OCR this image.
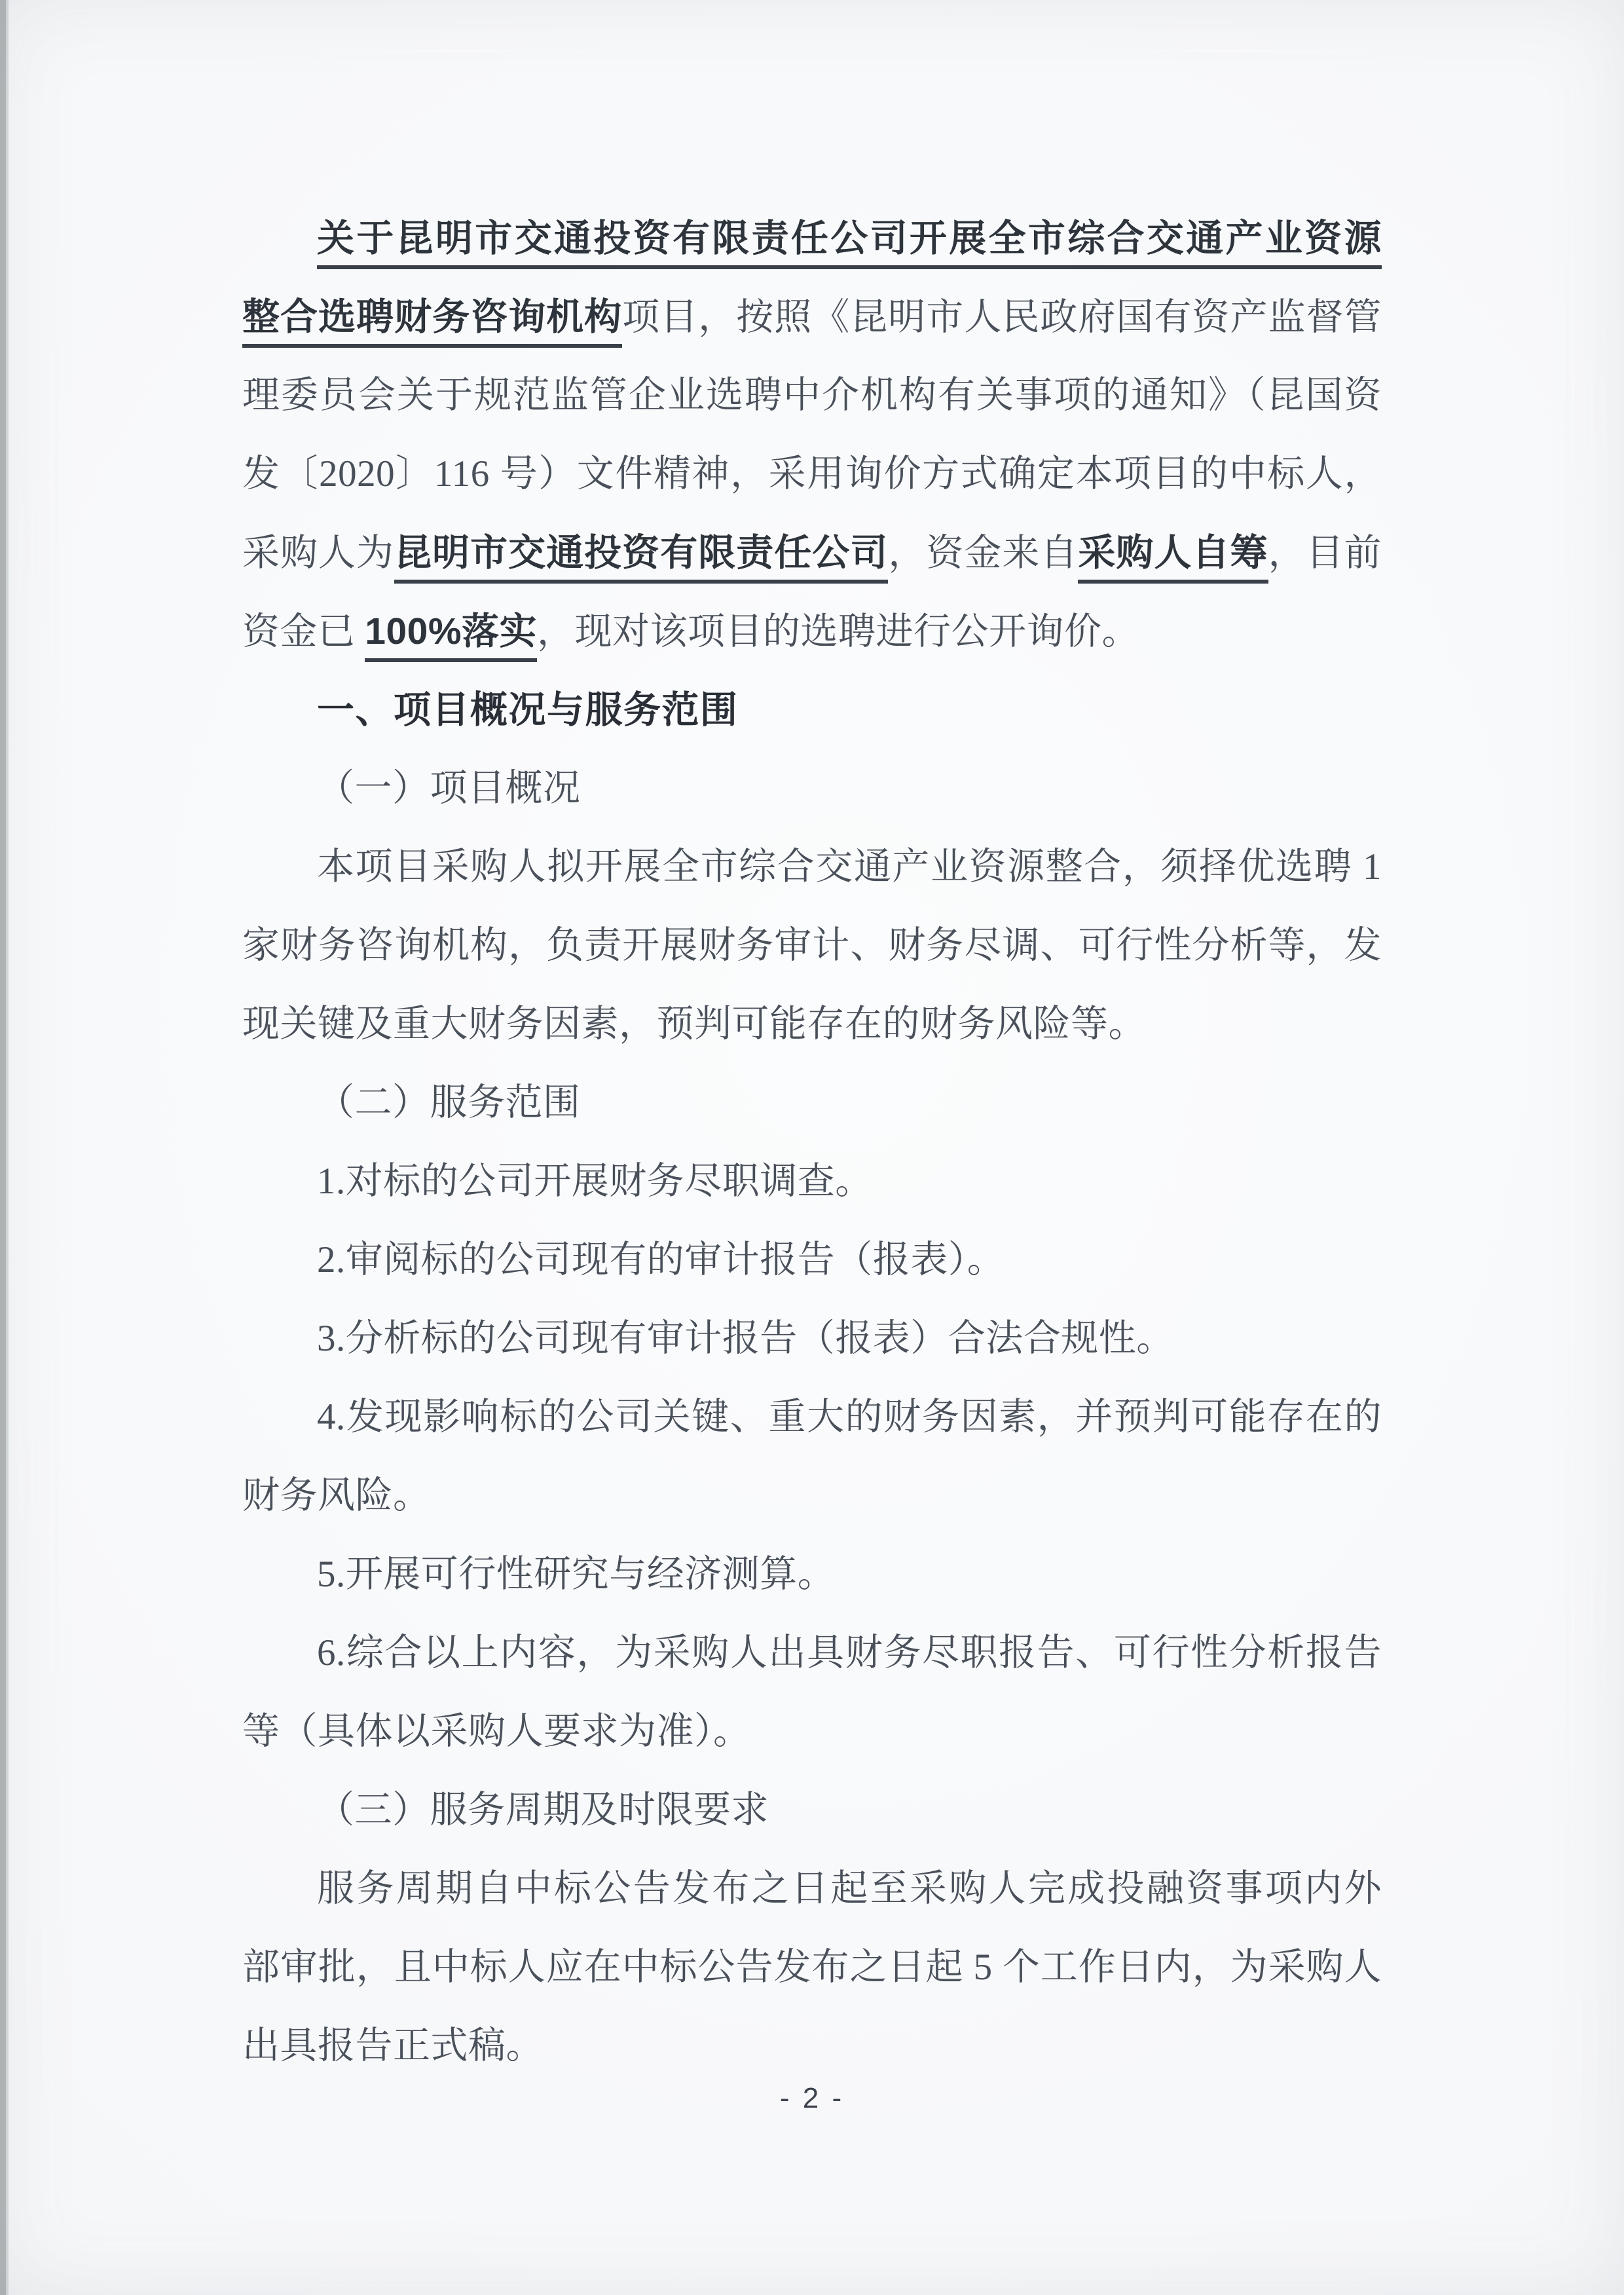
关于昆明市交通投资有限责任公司开展全市综合交通产业资源
整合选聘财务咨询机构项目，按照《昆明市人民政府国有资产监督管
理委员会关于规范监管企业选聘中介机构有关事项的通知》（昆国资
发〔2020〕116 号）文件精神，采用询价方式确定本项目的中标人，
采购人为昆明市交通投资有限责任公司，资金来自采购人自筹，目前
资金已 100%落实，现对该项目的选聘进行公开询价。
一、项目概况与服务范围
（一）项目概况
本项目采购人拟开展全市综合交通产业资源整合，须择优选聘 1
家财务咨询机构，负责开展财务审计、财务尽调、可行性分析等，发
现关键及重大财务因素，预判可能存在的财务风险等。
（二）服务范围
1.对标的公司开展财务尽职调查。
2.审阅标的公司现有的审计报告（报表）。
3.分析标的公司现有审计报告（报表）合法合规性。
4.发现影响标的公司关键、重大的财务因素，并预判可能存在的
财务风险。
5.开展可行性研究与经济测算。
6.综合以上内容，为采购人出具财务尽职报告、可行性分析报告
等（具体以采购人要求为准）。
（三）服务周期及时限要求
服务周期自中标公告发布之日起至采购人完成投融资事项内外
部审批，且中标人应在中标公告发布之日起 5 个工作日内，为采购人
出具报告正式稿。
- 2 -
